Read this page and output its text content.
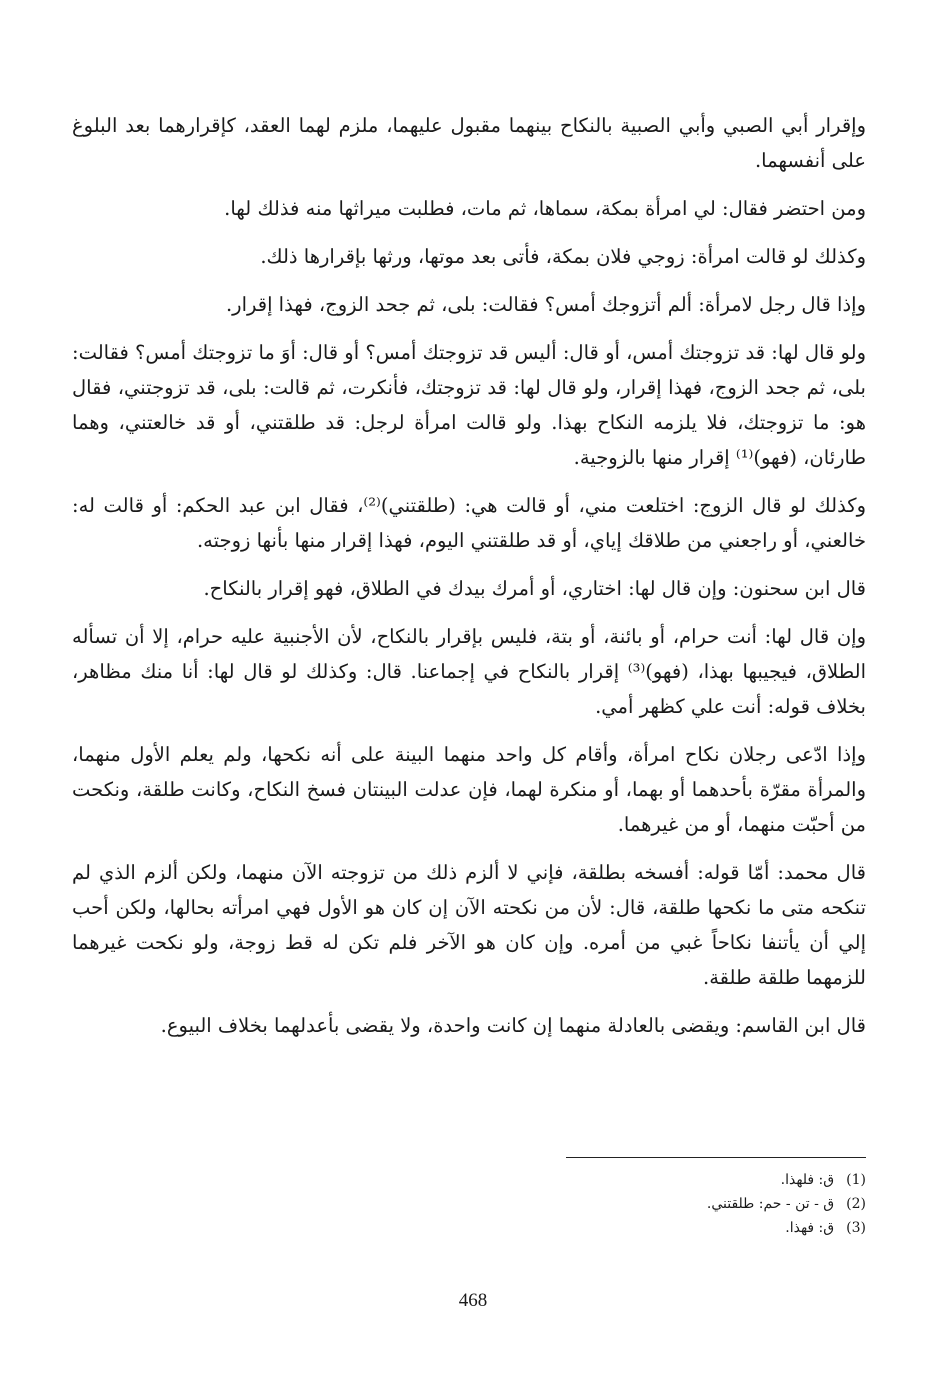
وإقرار أبي الصبي وأبي الصبية بالنكاح بينهما مقبول عليهما، ملزم لهما العقد، كإقرارهما بعد البلوغ على أنفسهما.

ومن احتضر فقال: لي امرأة بمكة، سماها، ثم مات، فطلبت ميراثها منه فذلك لها.

وكذلك لو قالت امرأة: زوجي فلان بمكة، فأتى بعد موتها، ورثها بإقرارها ذلك.

وإذا قال رجل لامرأة: ألم أتزوجك أمس؟ فقالت: بلى، ثم جحد الزوج، فهذا إقرار.

ولو قال لها: قد تزوجتك أمس، أو قال: أليس قد تزوجتك أمس؟ أو قال: أوَ ما تزوجتك أمس؟ فقالت: بلى، ثم جحد الزوج، فهذا إقرار، ولو قال لها: قد تزوجتك، فأنكرت، ثم قالت: بلى، قد تزوجتني، فقال هو: ما تزوجتك، فلا يلزمه النكاح بهذا. ولو قالت امرأة لرجل: قد طلقتني، أو قد خالعتني، وهما طارئان، (فهو)⁽¹⁾ إقرار منها بالزوجية.

وكذلك لو قال الزوج: اختلعت مني، أو قالت هي: (طلقتني)⁽²⁾، فقال ابن عبد الحكم: أو قالت له: خالعني، أو راجعني من طلاقك إياي، أو قد طلقتني اليوم، فهذا إقرار منها بأنها زوجته.

قال ابن سحنون: وإن قال لها: اختاري، أو أمرك بيدك في الطلاق، فهو إقرار بالنكاح.

وإن قال لها: أنت حرام، أو بائنة، أو بتة، فليس بإقرار بالنكاح، لأن الأجنبية عليه حرام، إلا أن تسأله الطلاق، فيجيبها بهذا، (فهو)⁽³⁾ إقرار بالنكاح في إجماعنا. قال: وكذلك لو قال لها: أنا منك مظاهر، بخلاف قوله: أنت علي كظهر أمي.

وإذا ادّعى رجلان نكاح امرأة، وأقام كل واحد منهما البينة على أنه نكحها، ولم يعلم الأول منهما، والمرأة مقرّة بأحدهما أو بهما، أو منكرة لهما، فإن عدلت البينتان فسخ النكاح، وكانت طلقة، ونكحت من أحبّت منهما، أو من غيرهما.

قال محمد: أمّا قوله: أفسخه بطلقة، فإني لا ألزم ذلك من تزوجته الآن منهما، ولكن ألزم الذي لم تنكحه متى ما نكحها طلقة، قال: لأن من نكحته الآن إن كان هو الأول فهي امرأته بحالها، ولكن أحب إلي أن يأتنفا نكاحاً غبي من أمره. وإن كان هو الآخر فلم تكن له قط زوجة، ولو نكحت غيرهما للزمهما طلقة طلقة.

قال ابن القاسم: ويقضى بالعادلة منهما إن كانت واحدة، ولا يقضى بأعدلهما بخلاف البيوع.

(1)ق: فلهذا.
(2)ق - تن - حم: طلقتني.
(3)ق: فهذا.
468
